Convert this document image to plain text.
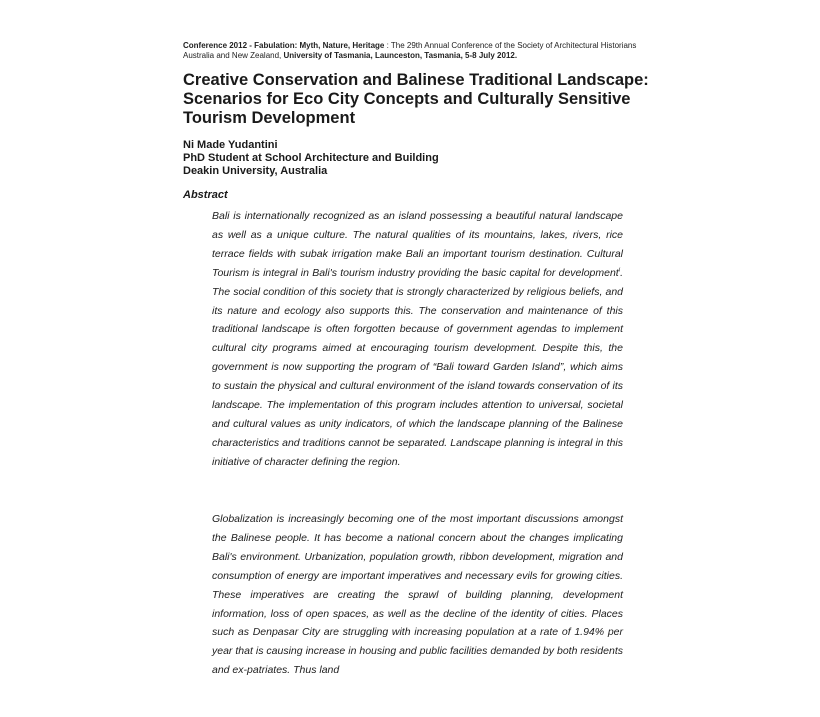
Conference 2012 - Fabulation: Myth, Nature, Heritage : The 29th Annual Conference of the Society of Architectural Historians Australia and New Zealand, University of Tasmania, Launceston, Tasmania, 5-8 July 2012.
Creative Conservation and Balinese Traditional Landscape: Scenarios for Eco City Concepts and Culturally Sensitive Tourism Development
Ni Made Yudantini
PhD Student at School Architecture and Building
Deakin University, Australia
Abstract

Bali is internationally recognized as an island possessing a beautiful natural landscape as well as a unique culture. The natural qualities of its mountains, lakes, rivers, rice terrace fields with subak irrigation make Bali an important tourism destination. Cultural Tourism is integral in Bali's tourism industry providing the basic capital for development$^i$. The social condition of this society that is strongly characterized by religious beliefs, and its nature and ecology also supports this. The conservation and maintenance of this traditional landscape is often forgotten because of government agendas to implement cultural city programs aimed at encouraging tourism development. Despite this, the government is now supporting the program of “Bali toward Garden Island”, which aims to sustain the physical and cultural environment of the island towards conservation of its landscape. The implementation of this program includes attention to universal, societal and cultural values as unity indicators, of which the landscape planning of the Balinese characteristics and traditions cannot be separated. Landscape planning is integral in this initiative of character defining the region.

Globalization is increasingly becoming one of the most important discussions amongst the Balinese people. It has become a national concern about the changes implicating Bali's environment. Urbanization, population growth, ribbon development, migration and consumption of energy are important imperatives and necessary evils for growing cities. These imperatives are creating the sprawl of building planning, development information, loss of open spaces, as well as the decline of the identity of cities. Places such as Denpasar City are struggling with increasing population at a rate of 1.94% per year that is causing increase in housing and public facilities demanded by both residents and ex-patriates. Thus land
